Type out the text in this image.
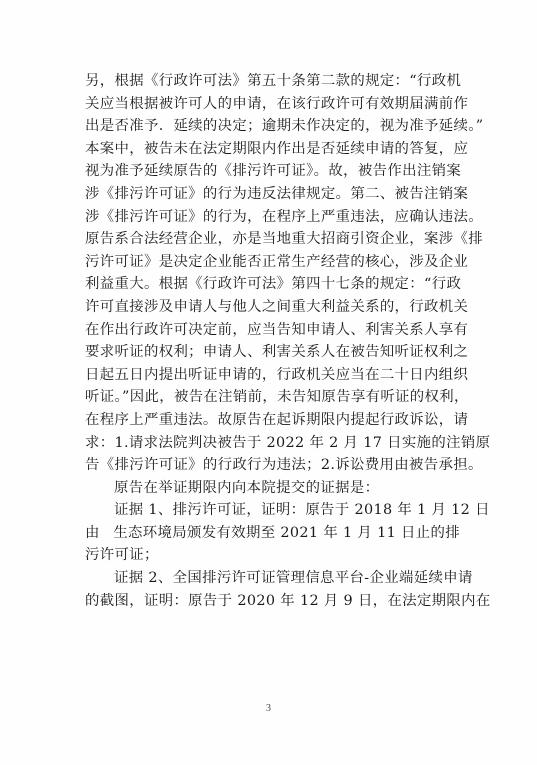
另，根据《行政许可法》第五十条第二款的规定：“行政机
关应当根据被许可人的申请，在该行政许可有效期届满前作
出是否准予．延续的决定；逾期未作决定的，视为准予延续。”
本案中，被告未在法定期限内作出是否延续申请的答复，应
视为准予延续原告的《排污许可证》。故，被告作出注销案
涉《排污许可证》的行为违反法律规定。第二、被告注销案
涉《排污许可证》的行为，在程序上严重违法，应确认违法。
原告系合法经营企业，亦是当地重大招商引资企业，案涉《排
污许可证》是决定企业能否正常生产经营的核心，涉及企业
利益重大。根据《行政许可法》第四十七条的规定：“行政
许可直接涉及申请人与他人之间重大利益关系的，行政机关
在作出行政许可决定前，应当告知申请人、利害关系人享有
要求听证的权利；申请人、利害关系人在被告知听证权利之
日起五日内提出听证申请的，行政机关应当在二十日内组织
听证。”因此，被告在注销前，未告知原告享有听证的权利，
在程序上严重违法。故原告在起诉期限内提起行政诉讼，请
求：1.请求法院判决被告于 2022 年 2 月 17 日实施的注销原
告《排污许可证》的行政行为违法；2.诉讼费用由被告承担。
原告在举证期限内向本院提交的证据是：
证据 1、排污许可证，证明：原告于 2018 年 1 月 12 日
由 生态环境局颁发有效期至 2021 年 1 月 11 日止的排
污许可证；
证据 2、全国排污许可证管理信息平台-企业端延续申请
的截图，证明：原告于 2020 年 12 月 9 日，在法定期限内在
3
